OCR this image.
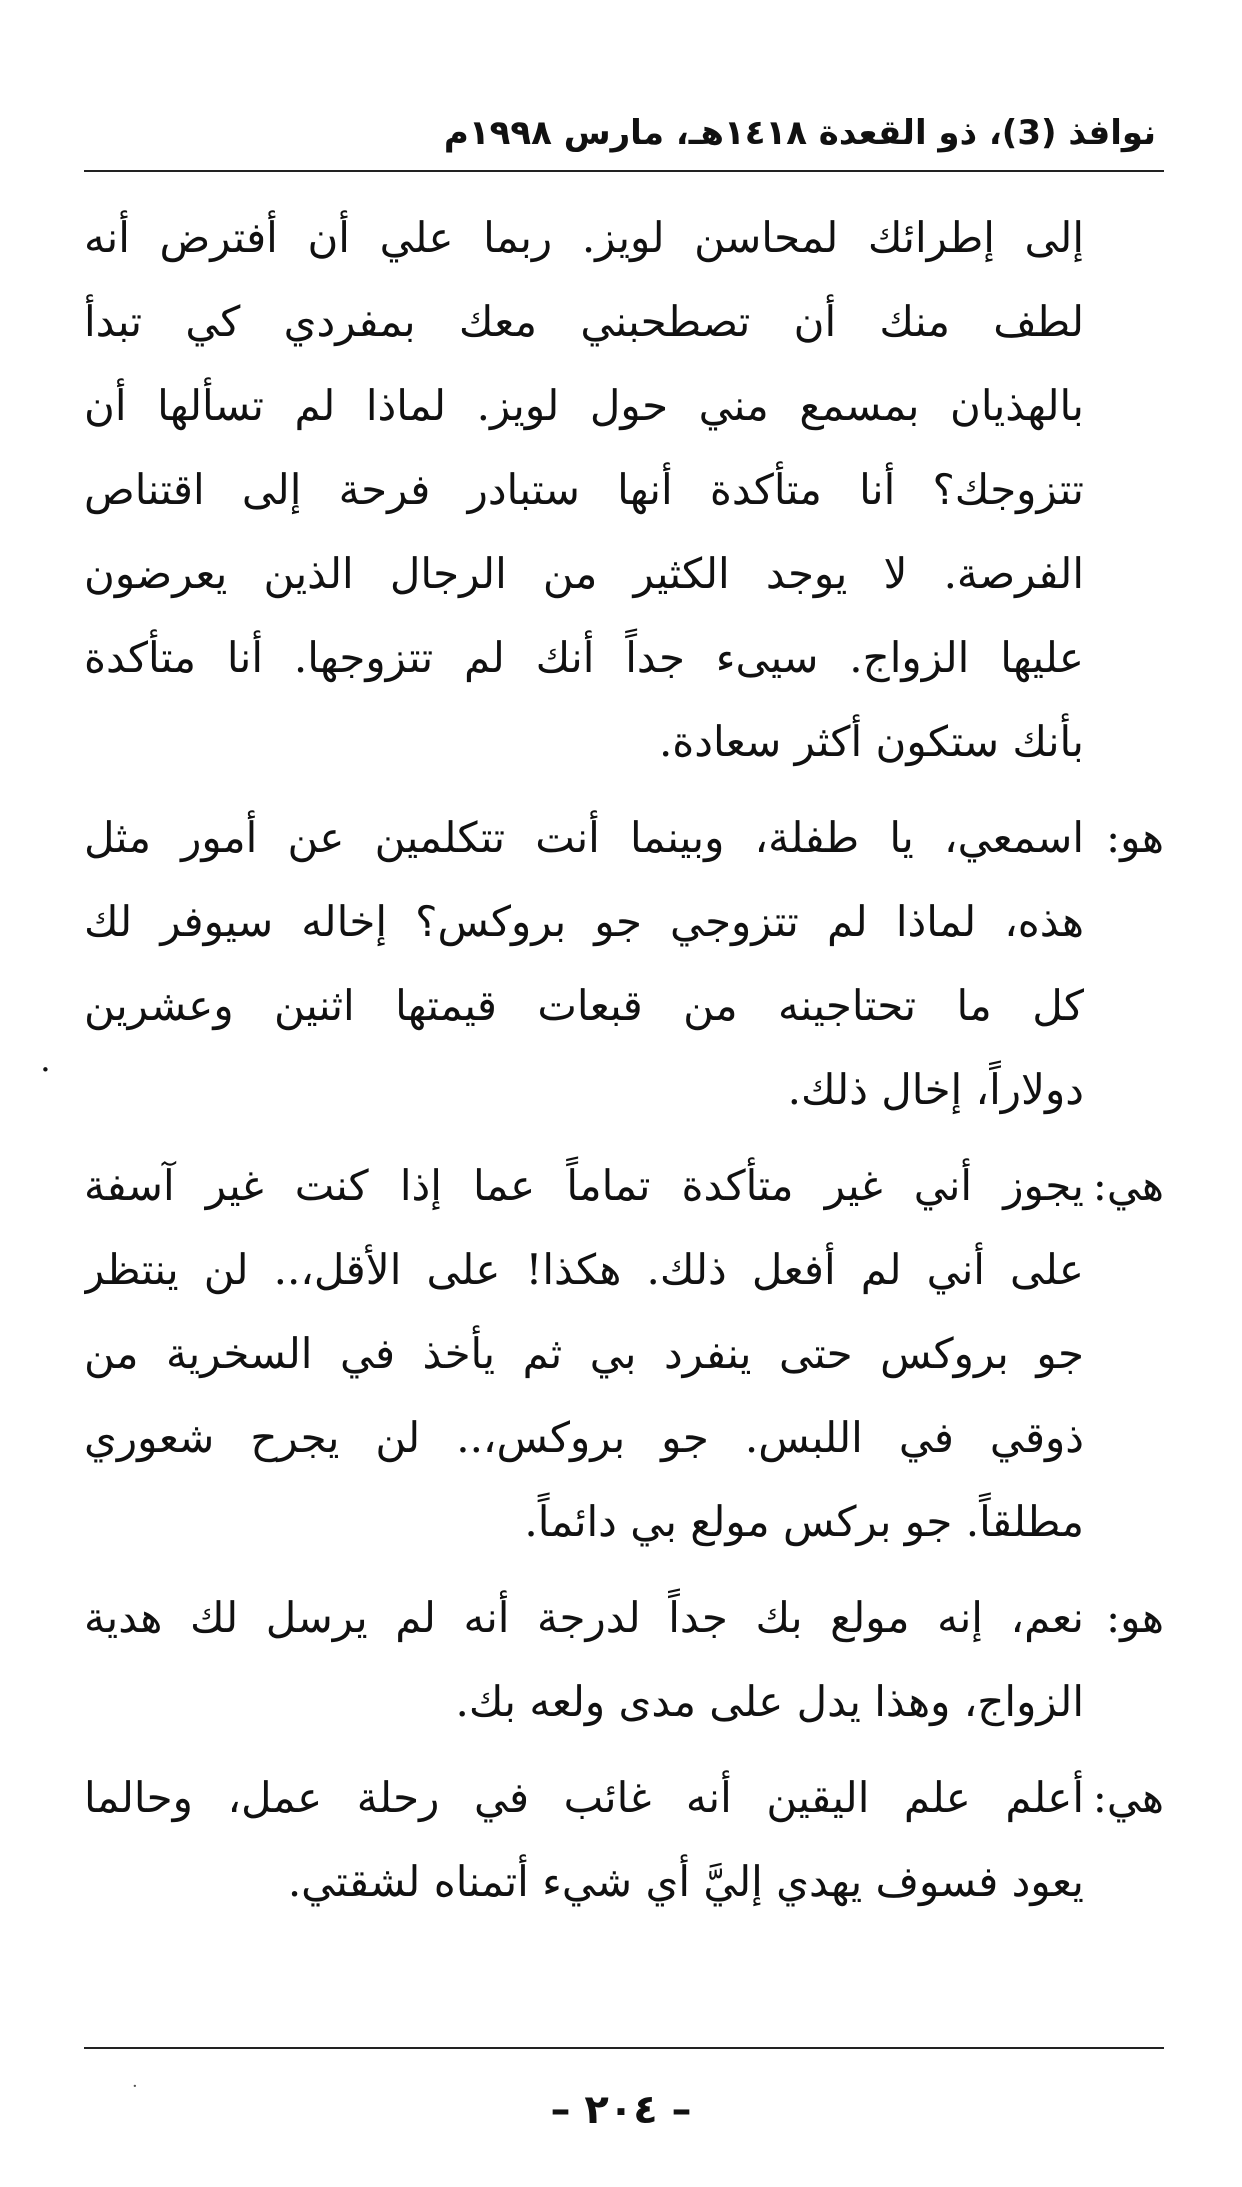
نوافذ (3)، ذو القعدة ١٤١٨هـ، مارس ١٩٩٨م
إلى إطرائك لمحاسن لويز. ربما علي أن أفترض أنه
لطف منك أن تصطحبني معك بمفردي كي تبدأ
بالهذيان بمسمع مني حول لويز. لماذا لم تسألها أن
تتزوجك؟ أنا متأكدة أنها ستبادر فرحة إلى اقتناص
الفرصة. لا يوجد الكثير من الرجال الذين يعرضون
عليها الزواج. سيىء جداً أنك لم تتزوجها. أنا متأكدة
بأنك ستكون أكثر سعادة.
هو:
اسمعي، يا طفلة، وبينما أنت تتكلمين عن أمور مثل
هذه، لماذا لم تتزوجي جو بروكس؟ إخاله سيوفر لك
كل ما تحتاجينه من قبعات قيمتها اثنين وعشرين
دولاراً، إخال ذلك.
هي:
يجوز أني غير متأكدة تماماً عما إذا كنت غير آسفة
على أني لم أفعل ذلك. هكذا! على الأقل،.. لن ينتظر
جو بروكس حتى ينفرد بي ثم يأخذ في السخرية من
ذوقي في اللبس. جو بروكس،.. لن يجرح شعوري
مطلقاً. جو بركس مولع بي دائماً.
هو:
نعم، إنه مولع بك جداً لدرجة أنه لم يرسل لك هدية
الزواج، وهذا يدل على مدى ولعه بك.
هي:
أعلم علم اليقين أنه غائب في رحلة عمل، وحالما
يعود فسوف يهدي إليَّ أي شيء أتمناه لشقتي.
.
·
– ٢٠٤ –
